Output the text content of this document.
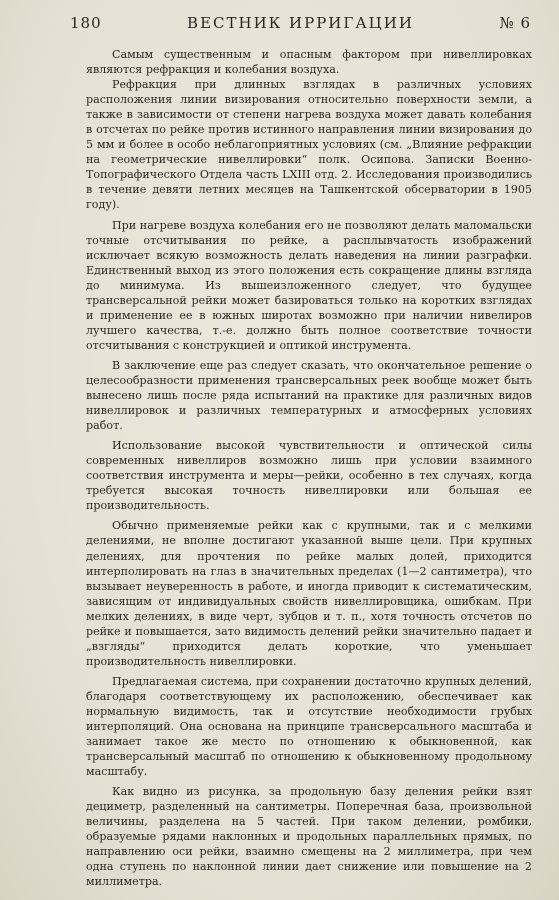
180	ВЕСТНИК ИРРИГАЦИИ	№ 6

Самым существенным и опасным фактором при нивеллировках являются рефракция и колебания воздуха.

Рефракция при длинных взглядах в различных условиях расположения линии визирования относительно поверхности земли, а также в зависимости от степени нагрева воздуха может давать колебания в отсчетах по рейке против истинного направления линии визирования до 5 мм и более в особо неблагоприятных условиях (см. „Влияние рефракции на геометрические нивеллировки“ полк. Осипова. Записки Военно-Топографического Отдела часть LXIII отд. 2. Исследования производились в течение девяти летних месяцев на Ташкентской обсерватории в 1905 году).

При нагреве воздуха колебания его не позволяют делать маломальски точные отсчитывания по рейке, а расплывчатость изображений исключает всякую возможность делать наведения на линии разграфки. Единственный выход из этого положения есть сокращение длины взгляда до минимума. Из вышеизложенного следует, что будущее трансверсальной рейки может базироваться только на коротких взглядах и применение ее в южных широтах возможно при наличии нивелиров лучшего качества, т.-е. должно быть полное соответствие точности отсчитывания с конструкцией и оптикой инструмента.

В заключение еще раз следует сказать, что окончательное решение о целесообразности применения трансверсальных реек вообще может быть вынесено лишь после ряда испытаний на практике для различных видов нивеллировок и различных температурных и атмосферных условиях работ.

Использование высокой чувствительности и оптической силы современных нивеллиров возможно лишь при условии взаимного соответствия инструмента и меры—рейки, особенно в тех случаях, когда требуется высокая точность нивеллировки или большая ее производительность.

Обычно применяемые рейки как с крупными, так и с мелкими делениями, не вполне достигают указанной выше цели. При крупных делениях, для прочтения по рейке малых долей, приходится интерполировать на глаз в значительных пределах (1—2 сантиметра), что вызывает неуверенность в работе, и иногда приводит к систематическим, зависящим от индивидуальных свойств нивеллировщика, ошибкам. При мелких делениях, в виде черт, зубцов и т. п., хотя точность отсчетов по рейке и повышается, зато видимость делений рейки значительно падает и „взгляды“ приходится делать короткие, что уменьшает производительность нивеллировки.

Предлагаемая система, при сохранении достаточно крупных делений, благодаря соответствующему их расположению, обеспечивает как нормальную видимость, так и отсутствие необходимости грубых интерполяций. Она основана на принципе трансверсального масштаба и занимает такое же место по отношению к обыкновенной, как трансверсальный масштаб по отношению к обыкновенному продольному масштабу.

Как видно из рисунка, за продольную базу деления рейки взят дециметр, разделенный на сантиметры. Поперечная база, произвольной величины, разделена на 5 частей. При таком делении, ромбики, образуемые рядами наклонных и продольных параллельных прямых, по направлению оси рейки, взаимно смещены на 2 миллиметра, при чем одна ступень по наклонной линии дает снижение или повышение на 2 миллиметра.
